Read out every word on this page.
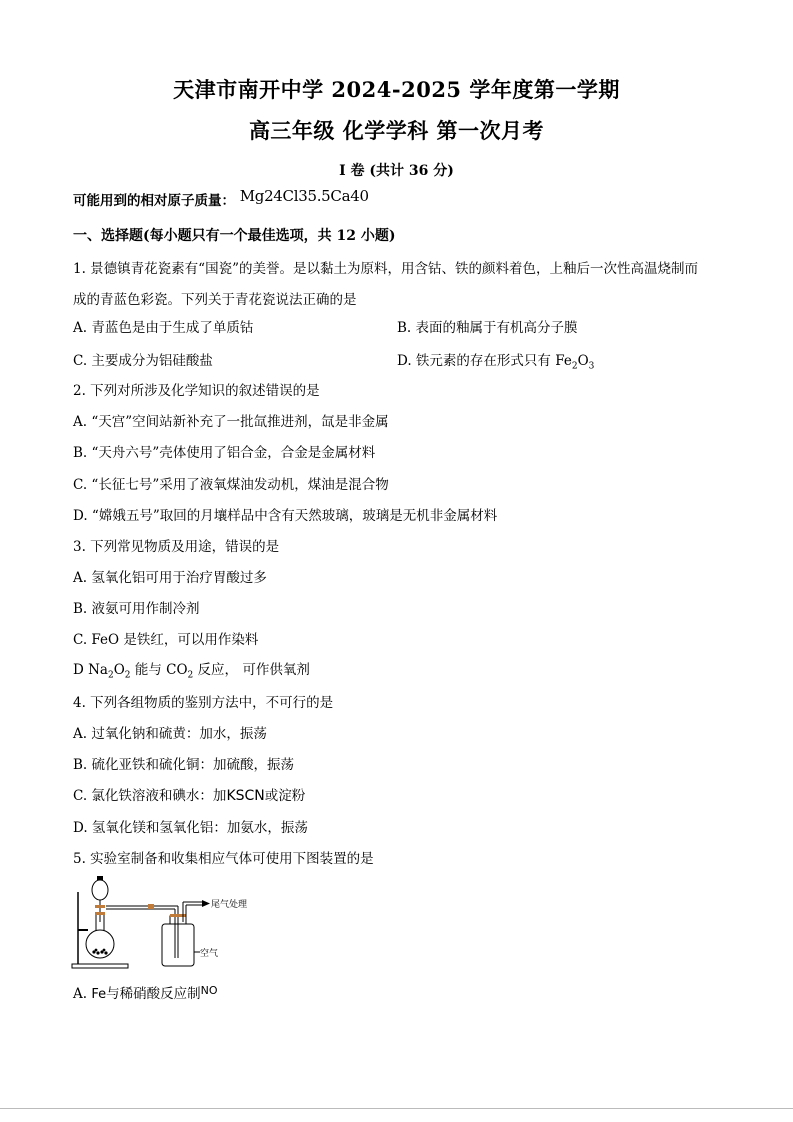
天津市南开中学 2024-2025 学年度第一学期
高三年级 化学学科 第一次月考
I 卷 (共计 36 分)
可能用到的相对原子质量： Mg24Cl35.5Ca40
一、选择题(每小题只有一个最佳选项，共 12 小题)
1. 景德镇青花瓷素有“国瓷”的美誉。是以黏土为原料，用含钴、铁的颜料着色，上釉后一次性高温烧制而
成的青蓝色彩瓷。下列关于青花瓷说法正确的是
A. 青蓝色是由于生成了单质钴	B. 表面的釉属于有机高分子膜
C. 主要成分为铝硅酸盐	D. 铁元素的存在形式只有 $Fe_2O_3$
2. 下列对所涉及化学知识的叙述错误的是
A. “天宫”空间站新补充了一批氙推进剂，氙是非金属
B. “天舟六号”壳体使用了铝合金，合金是金属材料
C. “长征七号”采用了液氧煤油发动机，煤油是混合物
D. “嫦娥五号”取回的月壤样品中含有天然玻璃，玻璃是无机非金属材料
3. 下列常见物质及用途，错误的是
A. 氢氧化铝可用于治疗胃酸过多
B. 液氨可用作制冷剂
C. FeO 是铁红，可以用作染料
D $Na_2O_2$ 能与 $CO_2$ 反应， 可作供氧剂
4. 下列各组物质的鉴别方法中，不可行的是
A. 过氧化钠和硫黄：加水，振荡
B. 硫化亚铁和硫化铜：加硫酸，振荡
C. 氯化铁溶液和碘水：加KSCN或淀粉
D. 氢氧化镁和氢氧化铝：加氨水，振荡
5. 实验室制备和收集相应气体可使用下图装置的是
尾气处理
空气
A. Fe与稀硝酸反应制$^{NO}$
